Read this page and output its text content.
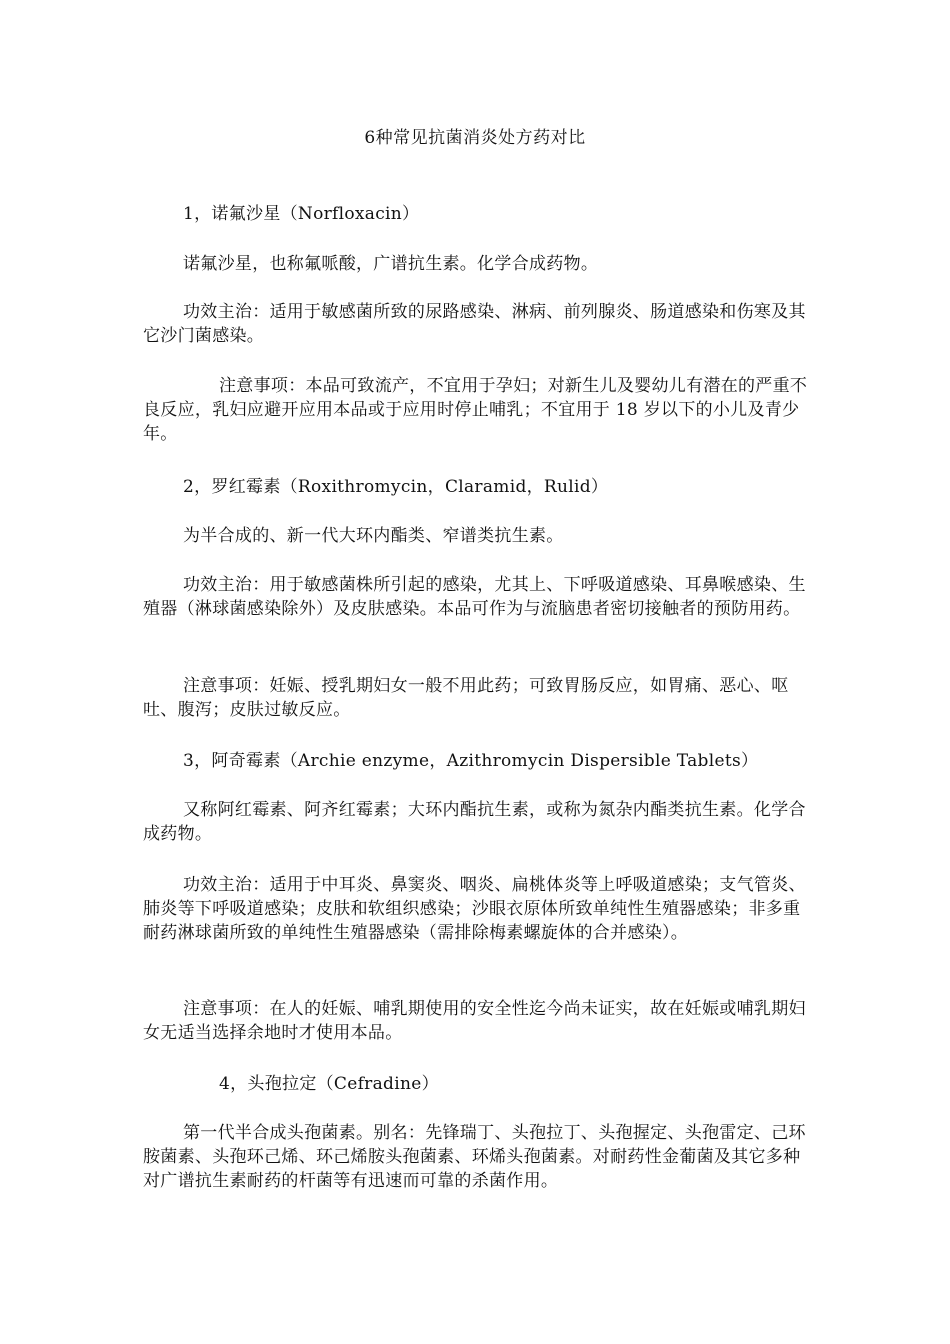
6种常见抗菌消炎处方药对比

1，诺氟沙星（Norfloxacin）

诺氟沙星，也称氟哌酸，广谱抗生素。化学合成药物。

功效主治：适用于敏感菌所致的尿路感染、淋病、前列腺炎、肠道感染和伤寒及其它沙门菌感染。

注意事项：本品可致流产，不宜用于孕妇；对新生儿及婴幼儿有潜在的严重不良反应，乳妇应避开应用本品或于应用时停止哺乳；不宜用于 18 岁以下的小儿及青少年。

2，罗红霉素（Roxithromycin，Claramid，Rulid）

为半合成的、新一代大环内酯类、窄谱类抗生素。

功效主治：用于敏感菌株所引起的感染，尤其上、下呼吸道感染、耳鼻喉感染、生殖器（淋球菌感染除外）及皮肤感染。本品可作为与流脑患者密切接触者的预防用药。

注意事项：妊娠、授乳期妇女一般不用此药；可致胃肠反应，如胃痛、恶心、呕吐、腹泻；皮肤过敏反应。

3，阿奇霉素（Archie enzyme，Azithromycin Dispersible Tablets）

又称阿红霉素、阿齐红霉素；大环内酯抗生素，或称为氮杂内酯类抗生素。化学合成药物。

功效主治：适用于中耳炎、鼻窦炎、咽炎、扁桃体炎等上呼吸道感染；支气管炎、肺炎等下呼吸道感染；皮肤和软组织感染；沙眼衣原体所致单纯性生殖器感染；非多重耐药淋球菌所致的单纯性生殖器感染（需排除梅素螺旋体的合并感染）。

注意事项：在人的妊娠、哺乳期使用的安全性迄今尚未证实，故在妊娠或哺乳期妇女无适当选择余地时才使用本品。

4，头孢拉定（Cefradine）

第一代半合成头孢菌素。别名：先锋瑞丁、头孢拉丁、头孢握定、头孢雷定、己环胺菌素、头孢环己烯、环己烯胺头孢菌素、环烯头孢菌素。对耐药性金葡菌及其它多种对广谱抗生素耐药的杆菌等有迅速而可靠的杀菌作用。
